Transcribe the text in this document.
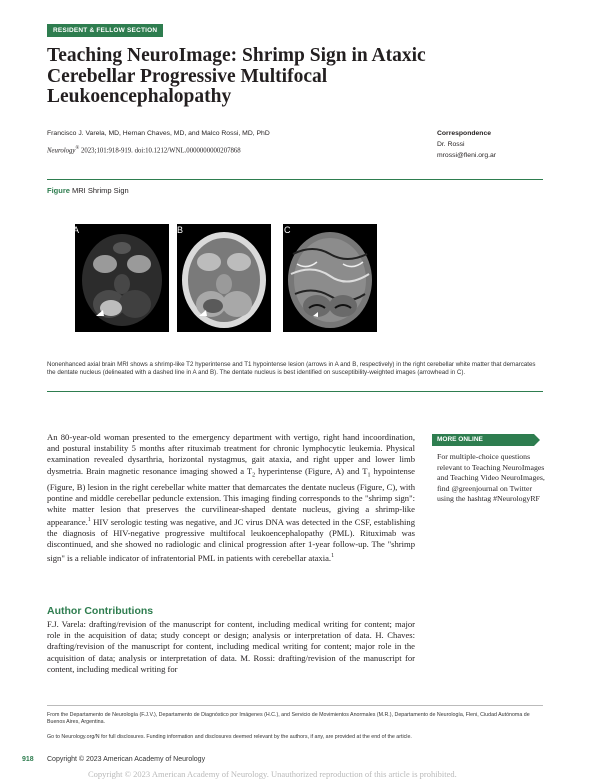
RESIDENT & FELLOW SECTION
Teaching NeuroImage: Shrimp Sign in Ataxic Cerebellar Progressive Multifocal Leukoencephalopathy
Francisco J. Varela, MD, Hernan Chaves, MD, and Malco Rossi, MD, PhD
Neurology® 2023;101:918-919. doi:10.1212/WNL.0000000000207868
Correspondence
Dr. Rossi
mrossi@fleni.org.ar
Figure MRI Shrimp Sign
A	B	C
Nonenhanced axial brain MRI shows a shrimp-like T2 hyperintense and T1 hypointense lesion (arrows in A and B, respectively) in the right cerebellar white matter that demarcates the dentate nucleus (delineated with a dashed line in A and B). The dentate nucleus is best identified on susceptibility-weighted images (arrowhead in C).

An 80-year-old woman presented to the emergency department with vertigo, right hand incoordination, and postural instability 5 months after rituximab treatment for chronic lymphocytic leukemia. Physical examination revealed dysarthria, horizontal nystagmus, gait ataxia, and right upper and lower limb dysmetria. Brain magnetic resonance imaging showed a $T_2$ hyperintense (Figure, A) and $T_1$ hypointense (Figure, B) lesion in the right cerebellar white matter that demarcates the dentate nucleus (Figure, C), with pontine and middle cerebellar peduncle extension. This imaging finding corresponds to the "shrimp sign": white matter lesion that preserves the curvilinear-shaped dentate nucleus, giving a shrimp-like appearance.$^1$ HIV serologic testing was negative, and JC virus DNA was detected in the CSF, establishing the diagnosis of HIV-negative progressive multifocal leukoencephalopathy (PML). Rituximab was discontinued, and she showed no radiologic and clinical progression after 1-year follow-up. The "shrimp sign" is a reliable indicator of infratentorial PML in patients with cerebellar ataxia.$^1$

MORE ONLINE
For multiple-choice questions relevant to Teaching NeuroImages and Teaching Video NeuroImages, find @greenjournal on Twitter using the hashtag #NeurologyRF
Author Contributions
F.J. Varela: drafting/revision of the manuscript for content, including medical writing for content; major role in the acquisition of data; study concept or design; analysis or interpretation of data. H. Chaves: drafting/revision of the manuscript for content, including medical writing for content; major role in the acquisition of data; analysis or interpretation of data. M. Rossi: drafting/revision of the manuscript for content, including medical writing for
From the Departamento de Neurología (F.J.V.), Departamento de Diagnóstico por Imágenes (H.C.), and Servicio de Movimientos Anormales (M.R.), Departamento de Neurología, Fleni, Ciudad Autónoma de Buenos Aires, Argentina.
Go to Neurology.org/N for full disclosures. Funding information and disclosures deemed relevant by the authors, if any, are provided at the end of the article.
918 Copyright © 2023 American Academy of Neurology
Copyright © 2023 American Academy of Neurology. Unauthorized reproduction of this article is prohibited.
